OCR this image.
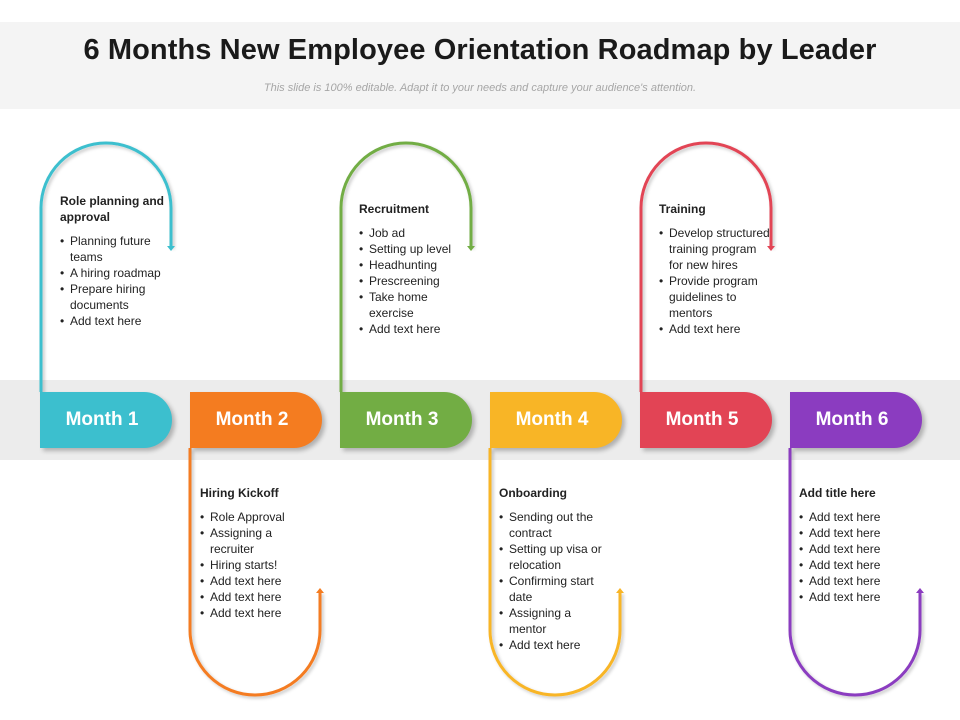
6 Months New Employee Orientation Roadmap by Leader
This slide is 100% editable. Adapt it to your needs and capture your audience's attention.
Month 1	Month 2	Month 3	Month 4	Month 5	Month 6
Role planning and approval
• Planning future teams
• A hiring roadmap
• Prepare hiring documents
• Add text here
Hiring Kickoff
• Role Approval
• Assigning a recruiter
• Hiring starts!
• Add text here
• Add text here
• Add text here
Recruitment
• Job ad
• Setting up level
• Headhunting
• Prescreening
• Take home exercise
• Add text here
Onboarding
• Sending out the contract
• Setting up visa or relocation
• Confirming start date
• Assigning a mentor
• Add text here
Training
• Develop structured training program for new hires
• Provide program guidelines to mentors
• Add text here
Add title here
• Add text here
• Add text here
• Add text here
• Add text here
• Add text here
• Add text here
